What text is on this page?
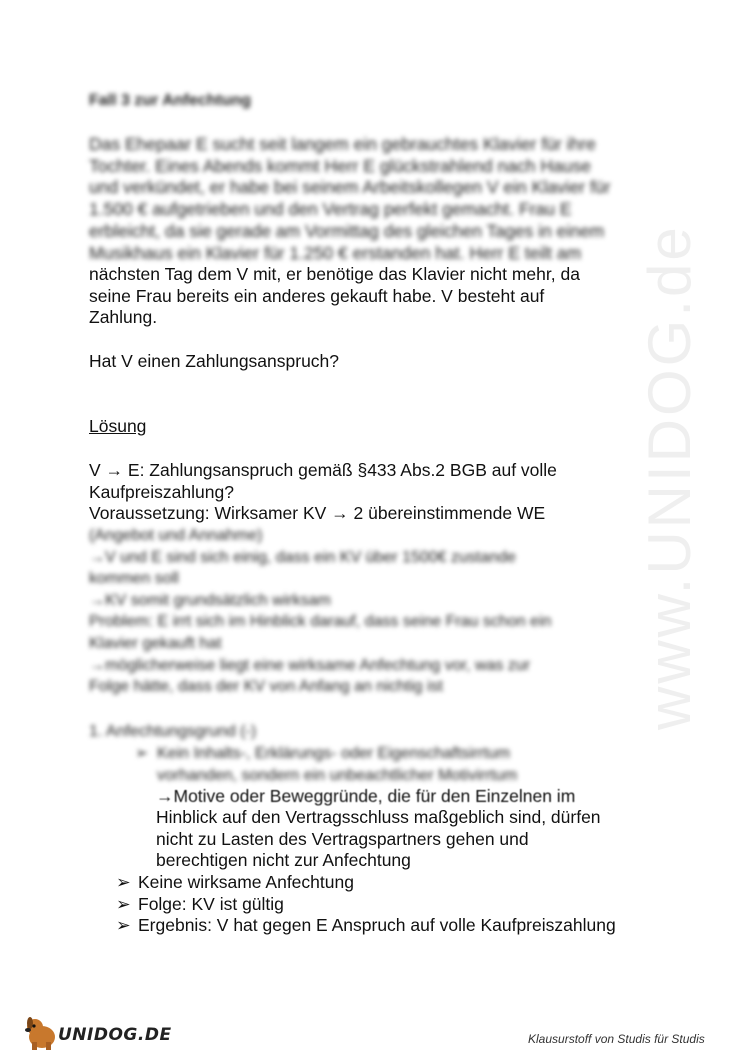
www.UNIDOG.de
Fall 3 zur Anfechtung
Das Ehepaar E sucht seit langem ein gebrauchtes Klavier für ihre
Tochter. Eines Abends kommt Herr E glückstrahlend nach Hause
und verkündet, er habe bei seinem Arbeitskollegen V ein Klavier für
1.500 € aufgetrieben und den Vertrag perfekt gemacht. Frau E
erbleicht, da sie gerade am Vormittag des gleichen Tages in einem
Musikhaus ein Klavier für 1.250 € erstanden hat. Herr E teilt am
nächsten Tag dem V mit, er benötige das Klavier nicht mehr, da
seine Frau bereits ein anderes gekauft habe. V besteht auf
Zahlung.
Hat V einen Zahlungsanspruch?
Lösung
V → E: Zahlungsanspruch gemäß §433 Abs.2 BGB auf volle
Kaufpreiszahlung?
Voraussetzung: Wirksamer KV → 2 übereinstimmende WE
(Angebot und Annahme)
→V und E sind sich einig, dass ein KV über 1500€ zustande
kommen soll
→KV somit grundsätzlich wirksam
Problem: E irrt sich im Hinblick darauf, dass seine Frau schon ein
Klavier gekauft hat
→möglicherweise liegt eine wirksame Anfechtung vor, was zur
Folge hätte, dass der KV von Anfang an nichtig ist
1. Anfechtungsgrund (-)
➢ Kein Inhalts-, Erklärungs- oder Eigenschaftsirrtum
vorhanden, sondern ein unbeachtlicher Motivirrtum
→Motive oder Beweggründe, die für den Einzelnen im
Hinblick auf den Vertragsschluss maßgeblich sind, dürfen
nicht zu Lasten des Vertragspartners gehen und
berechtigen nicht zur Anfechtung
➢ Keine wirksame Anfechtung
➢ Folge: KV ist gültig
➢ Ergebnis: V hat gegen E Anspruch auf volle Kaufpreiszahlung
UNIDOG.DE	Klausurstoff von Studis für Studis
